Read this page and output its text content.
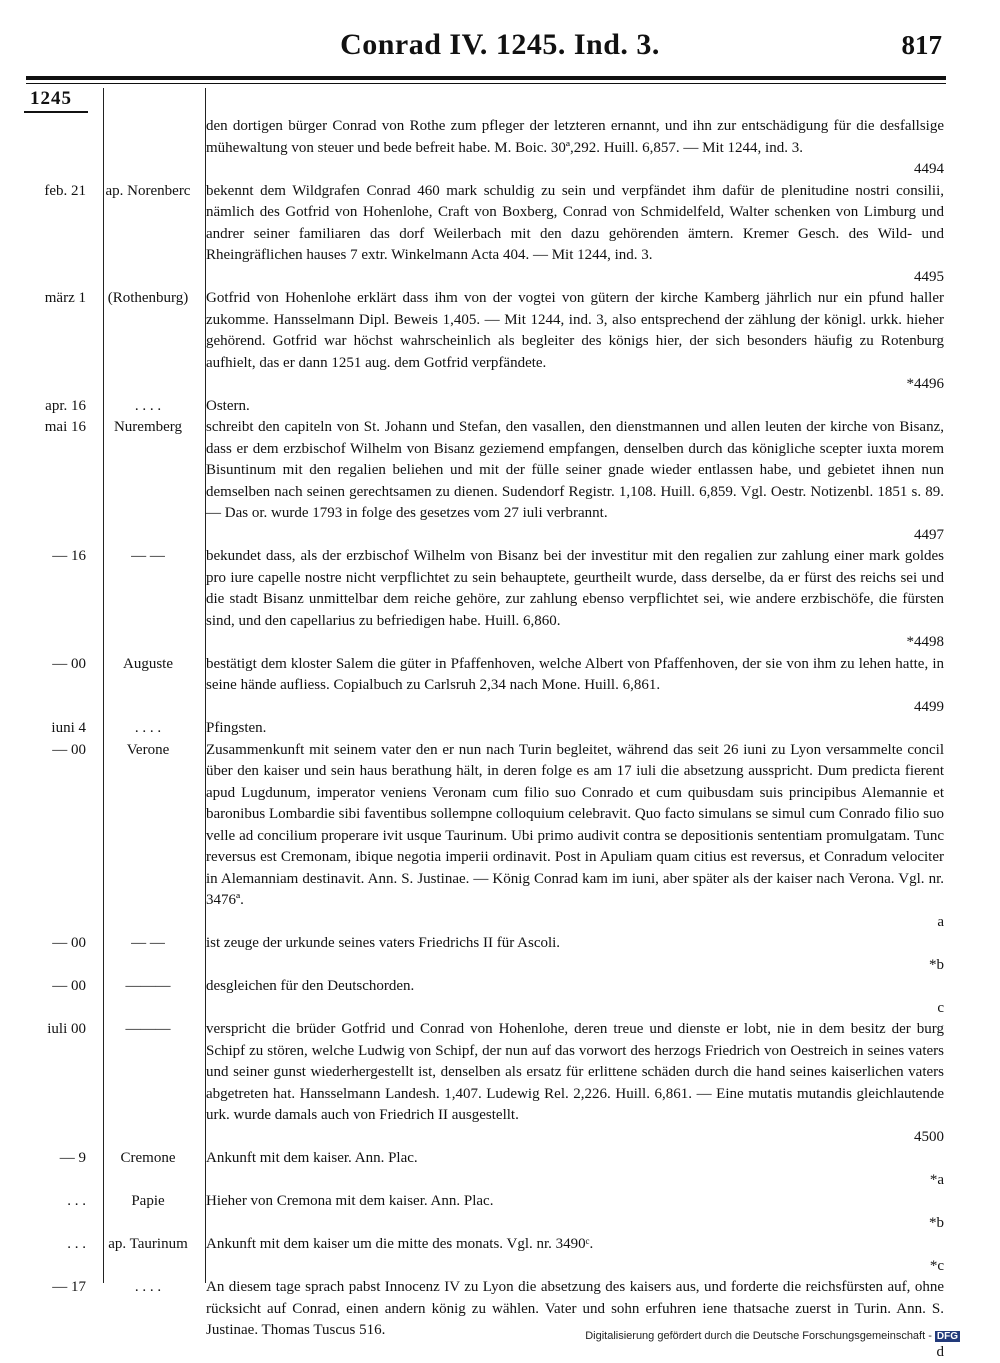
Conrad IV. 1245. Ind. 3.	817
1245
den dortigen bürger Conrad von Rothe zum pfleger der letzteren ernannt, und ihn zur entschädigung für die desfallsige mühewaltung von steuer und bede befreit habe. M. Boic. 30ª,292. Huill. 6,857. — Mit 1244, ind. 3.
4494
feb. 21	ap. Norenberc	bekennt dem Wildgrafen Conrad 460 mark schuldig zu sein und verpfändet ihm dafür de plenitudine nostri consilii, nämlich des Gotfrid von Hohenlohe, Craft von Boxberg, Conrad von Schmidelfeld, Walter schenken von Limburg und andrer seiner familiaren das dorf Weilerbach mit den dazu gehörenden ämtern. Kremer Gesch. des Wild- und Rheingräflichen hauses 7 extr. Winkelmann Acta 404. — Mit 1244, ind. 3.
4495
märz 1	(Rothenburg)	Gotfrid von Hohenlohe erklärt dass ihm von der vogtei von gütern der kirche Kamberg jährlich nur ein pfund haller zukomme. Hansselmann Dipl. Beweis 1,405. — Mit 1244, ind. 3, also entsprechend der zählung der königl. urkk. hieher gehörend. Gotfrid war höchst wahrscheinlich als begleiter des königs hier, der sich besonders häufig zu Rotenburg aufhielt, das er dann 1251 aug. dem Gotfrid verpfändete.
*4496
apr. 16	. . . .	Ostern.
mai 16	Nuremberg	schreibt den capiteln von St. Johann und Stefan, den vasallen, den dienstmannen und allen leuten der kirche von Bisanz, dass er dem erzbischof Wilhelm von Bisanz geziemend empfangen, denselben durch das königliche scepter iuxta morem Bisuntinum mit den regalien beliehen und mit der fülle seiner gnade wieder entlassen habe, und gebietet ihnen nun demselben nach seinen gerechtsamen zu dienen. Sudendorf Registr. 1,108. Huill. 6,859. Vgl. Oestr. Notizenbl. 1851 s. 89. — Das or. wurde 1793 in folge des gesetzes vom 27 iuli verbrannt.
4497
— 16	— —	bekundet dass, als der erzbischof Wilhelm von Bisanz bei der investitur mit den regalien zur zahlung einer mark goldes pro iure capelle nostre nicht verpflichtet zu sein behauptete, geurtheilt wurde, dass derselbe, da er fürst des reichs sei und die stadt Bisanz unmittelbar dem reiche gehöre, zur zahlung ebenso verpflichtet sei, wie andere erzbischöfe, die fürsten sind, und den capellarius zu befriedigen habe. Huill. 6,860.
*4498
— 00	Auguste	bestätigt dem kloster Salem die güter in Pfaffenhoven, welche Albert von Pfaffenhoven, der sie von ihm zu lehen hatte, in seine hände aufliess. Copialbuch zu Carlsruh 2,34 nach Mone. Huill. 6,861.
4499
iuni 4	. . . .	Pfingsten.
— 00	Verone	Zusammenkunft mit seinem vater den er nun nach Turin begleitet, während das seit 26 iuni zu Lyon versammelte concil über den kaiser und sein haus berathung hält, in deren folge es am 17 iuli die absetzung ausspricht. Dum predicta fierent apud Lugdunum, imperator veniens Veronam cum filio suo Conrado et cum quibusdam suis principibus Alemannie et baronibus Lombardie sibi faventibus sollempne colloquium celebravit. Quo facto simulans se simul cum Conrado filio suo velle ad concilium properare ivit usque Taurinum. Ubi primo audivit contra se depositionis sententiam promulgatam. Tunc reversus est Cremonam, ibique negotia imperii ordinavit. Post in Apuliam quam citius est reversus, et Conradum velociter in Alemanniam destinavit. Ann. S. Justinae. — König Conrad kam im iuni, aber später als der kaiser nach Verona. Vgl. nr. 3476ª.
a
— 00	— —	ist zeuge der urkunde seines vaters Friedrichs II für Ascoli.
*b
— 00	———	desgleichen für den Deutschorden.
c
iuli 00	———	verspricht die brüder Gotfrid und Conrad von Hohenlohe, deren treue und dienste er lobt, nie in dem besitz der burg Schipf zu stören, welche Ludwig von Schipf, der nun auf das vorwort des herzogs Friedrich von Oestreich in seines vaters und seiner gunst wiederhergestellt ist, denselben als ersatz für erlittene schäden durch die hand seines kaiserlichen vaters abgetreten hat. Hansselmann Landesh. 1,407. Ludewig Rel. 2,226. Huill. 6,861. — Eine mutatis mutandis gleichlautende urk. wurde damals auch von Friedrich II ausgestellt.
4500
— 9	Cremone	Ankunft mit dem kaiser. Ann. Plac.
*a
. . .	Papie	Hieher von Cremona mit dem kaiser. Ann. Plac.
*b
. . .	ap. Taurinum	Ankunft mit dem kaiser um die mitte des monats. Vgl. nr. 3490ᶜ.
*c
— 17	. . . .	An diesem tage sprach pabst Innocenz IV zu Lyon die absetzung des kaisers aus, und forderte die reichsfürsten auf, ohne rücksicht auf Conrad, einen andern könig zu wählen. Vater und sohn erfuhren iene thatsache zuerst in Turin. Ann. S. Justinae. Thomas Tuscus 516.
d
Digitalisierung gefördert durch die Deutsche Forschungsgemeinschaft - DFG
